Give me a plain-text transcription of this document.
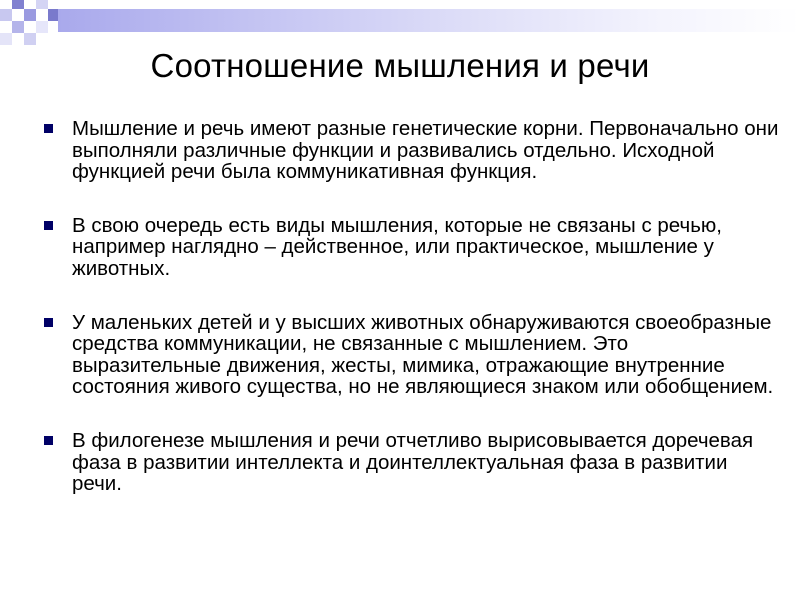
Соотношение мышления и речи
Мышление и речь имеют разные генетические корни. Первоначально они выполняли различные функции и развивались отдельно. Исходной функцией речи была коммуникативная функция.
В свою очередь есть виды мышления, которые не связаны с речью, например наглядно – действенное, или практическое, мышление у животных.
У маленьких детей и у высших животных обнаруживаются своеобразные средства коммуникации, не связанные с мышлением. Это выразительные движения, жесты, мимика, отражающие внутренние состояния живого существа, но не являющиеся знаком или обобщением.
В филогенезе мышления и речи отчетливо вырисовывается доречевая фаза в развитии интеллекта и доинтеллектуальная фаза в развитии речи.
